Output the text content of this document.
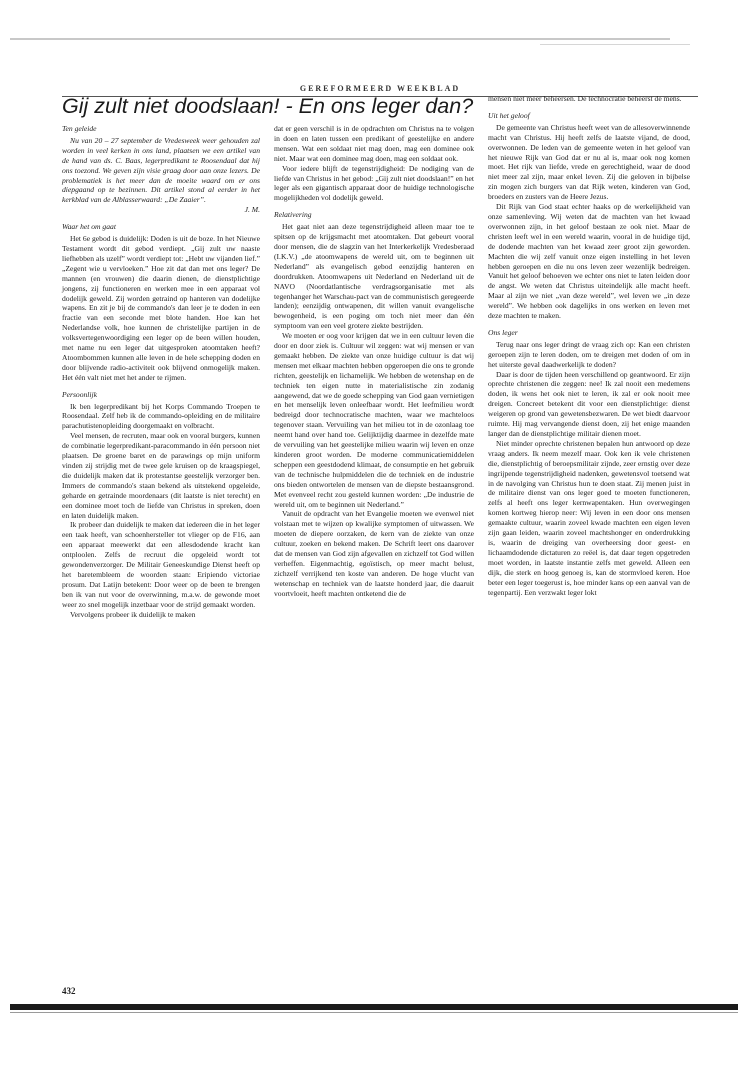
GEREFORMEERD WEEKBLAD
Gij zult niet doodslaan! - En ons leger dan?
Ten geleide

Nu van 20 – 27 september de Vredesweek weer gehouden zal worden in veel kerken in ons land, plaatsen we een artikel van de hand van ds. C. Baas, legerpredikant te Roosendaal dat hij ons toezond. We geven zijn visie graag door aan onze lezers. De problematiek is het meer dan de moeite waard om er ons diepgaand op te bezinnen. Dit artikel stond al eerder in het kerkblad van de Alblasserwaard: „De Zaaier”.

J. M.
Waar het om gaat

Het 6e gebod is duidelijk: Doden is uit de boze. In het Nieuwe Testament wordt dit gebod verdiept. „Gij zult uw naaste liefhebben als uzelf” wordt verdiept tot: „Hebt uw vijanden lief.” „Zegent wie u vervloeken.” Hoe zit dat dan met ons leger? De mannen (en vrouwen) die daarin dienen, de dienstplichtige jongens, zij functioneren en werken mee in een apparaat vol dodelijk geweld. Zij worden getraind op hanteren van dodelijke wapens. En zit je bij de commando's dan leer je te doden in een fractie van een seconde met blote handen. Hoe kan het Nederlandse volk, hoe kunnen de christelijke partijen in de volksvertegenwoordiging een leger op de been willen houden, met name nu een leger dat uitgesproken atoomtaken heeft? Atoombommen kunnen alle leven in de hele schepping doden en door blijvende radio-activiteit ook blijvend onmogelijk maken. Het één valt niet met het ander te rijmen.

Persoonlijk

Ik ben legerpredikant bij het Korps Commando Troepen te Roosendaal. Zelf heb ik de commando-opleiding en de militaire parachutistenopleiding doorgemaakt en volbracht.

Veel mensen, de recruten, maar ook en vooral burgers, kunnen de combinatie legerpredikant-paracommando in één persoon niet plaatsen. De groene baret en de parawings op mijn uniform vinden zij strijdig met de twee gele kruisen op de kraagspiegel, die duidelijk maken dat ik protestantse geestelijk verzorger ben. Immers de commando's staan bekend als uitstekend opgeleide, geharde en getrainde moordenaars (dit laatste is niet terecht) en een dominee moet toch de liefde van Christus in spreken, doen en laten duidelijk maken.

Ik probeer dan duidelijk te maken dat iedereen die in het leger een taak heeft, van schoenhersteller tot vlieger op de F16, aan een apparaat meewerkt dat een allesdodende kracht kan ontploolen. Zelfs de recruut die opgeleid wordt tot gewondenverzorger. De Militair Geneeskundige Dienst heeft op het baretembleem de woorden staan: Eripiendo victoriae prosum. Dat Latijn betekent: Door weer op de been te brengen ben ik van nut voor de overwinning, m.a.w. de gewonde moet weer zo snel mogelijk inzetbaar voor de strijd gemaakt worden.

Vervolgens probeer ik duidelijk te maken

dat er geen verschil is in de opdrachten om Christus na te volgen in doen en laten tussen een predikant of geestelijke en andere mensen. Wat een soldaat niet mag doen, mag een dominee ook niet. Maar wat een dominee mag doen, mag een soldaat ook.

Voor iedere blijft de tegenstrijdigheid: De nodiging van de liefde van Christus in het gebod: „Gij zult niet doodslaan!” en het leger als een gigantisch apparaat door de huidige technologische mogelijkheden vol dodelijk geweld.

Relativering

Het gaat niet aan deze tegenstrijdigheid alleen maar toe te spitsen op de krijgsmacht met atoomtaken. Dat gebeurt vooral door mensen, die de slagzin van het Interkerkelijk Vredesberaad (I.K.V.) „de atoomwapens de wereld uit, om te beginnen uit Nederland” als evangelisch gebod eenzijdig hanteren en doordrukken. Atoomwapens uit Nederland en Nederland uit de NAVO (Noordatlantische verdragsorganisatie met als tegenhanger het Warschau-pact van de communistisch geregeerde landen); eenzijdig ontwapenen, dit willen vanuit evangelische bewogenheid, is een poging om toch niet meer dan één symptoom van een veel grotere ziekte bestrijden.

We moeten er oog voor krijgen dat we in een cultuur leven die door en door ziek is. Cultuur wil zeggen: wat wij mensen er van gemaakt hebben. De ziekte van onze huidige cultuur is dat wij mensen met elkaar machten hebben opgeroepen die ons te gronde richten, geestelijk en lichamelijk. We hebben de wetenshap en de techniek ten eigen nutte in materialistische zin zodanig aangewend, dat we de goede schepping van God gaan vernietigen en het menselijk leven onleefbaar wordt. Het leefmilieu wordt bedreigd door technocratische machten, waar we machteloos tegenover staan. Vervuiling van het milieu tot in de ozonlaag toe neemt hand over hand toe. Gelijktijdig daarmee in dezelfde mate de vervuiling van het geestelijke milieu waarin wij leven en onze kinderen groot worden. De moderne communicatiemiddelen scheppen een geestdodend klimaat, de consumptie en het gebruik van de technische hulpmiddelen die de techniek en de industrie ons bieden ontwortelen de mensen van de diepste bestaansgrond. Met evenveel recht zou gesteld kunnen worden: „De industrie de wereld uit, om te beginnen uit Nederland.”

Vanuit de opdracht van het Evangelie moeten we evenwel niet volstaan met te wijzen op kwalijke symptomen of uitwassen. We moeten de diepere oorzaken, de kern van de ziekte van onze cultuur, zoeken en bekend maken. De Schrift leert ons daarover dat de mensen van God zijn afgevallen en zichzelf tot God willen verheffen. Eigenmachtig, egoïstisch, op meer macht belust, zichzelf verrijkend ten koste van anderen. De hoge vlucht van wetenschap en techniek van de laatste honderd jaar, die daaruit voortvloeit, heeft machten ontketend die de

mensen niet meer beheersen. De technocratie beheerst de mens.

Uit het geloof

De gemeente van Christus heeft weet van de allesoverwinnende macht van Christus. Hij heeft zelfs de laatste vijand, de dood, overwonnen. De leden van de gemeente weten in het geloof van het nieuwe Rijk van God dat er nu al is, maar ook nog komen moet. Het rijk van liefde, vrede en gerechtigheid, waar de dood niet meer zal zijn, maar enkel leven. Zij die geloven in bijbelse zin mogen zich burgers van dat Rijk weten, kinderen van God, broeders en zusters van de Heere Jezus.

Dit Rijk van God staat echter haaks op de werkelijkheid van onze samenleving. Wij weten dat de machten van het kwaad overwonnen zijn, in het geloof bestaan ze ook niet. Maar de christen leeft wel in een wereld waarin, vooral in de huidige tijd, de dodende machten van het kwaad zeer groot zijn geworden. Machten die wij zelf vanuit onze eigen instelling in het leven hebben geroepen en die nu ons leven zeer wezenlijk bedreigen. Vanuit het geloof behoeven we echter ons niet te laten leiden door de angst. We weten dat Christus uiteindelijk alle macht heeft. Maar al zijn we niet „van deze wereld”, wel leven we „in deze wereld”. We hebben ook dagelijks in ons werken en leven met deze machten te maken.

Ons leger

Terug naar ons leger dringt de vraag zich op: Kan een christen geroepen zijn te leren doden, om te dreigen met doden of om in het uiterste geval daadwerkelijk te doden?

Daar is door de tijden heen verschillend op geantwoord. Er zijn oprechte christenen die zeggen: nee! Ik zal nooit een medemens doden, ik wens het ook niet te leren, ik zal er ook nooit mee dreigen. Concreet betekent dit voor een dienstplichtige: dienst weigeren op grond van gewetensbezwaren. De wet biedt daarvoor ruimte. Hij mag vervangende dienst doen, zij het enige maanden langer dan de dienstplichtige militair dienen moet.

Niet minder oprechte christenen bepalen hun antwoord op deze vraag anders. Ik neem mezelf maar. Ook ken ik vele christenen die, dienstplichtig of beroepsmilitair zijnde, zeer ernstig over deze ingrijpende tegenstrijdigheid nadenken, gewetensvol toetsend wat in de navolging van Christus hun te doen staat. Zij menen juist in de militaire dienst van ons leger goed te moeten functioneren, zelfs al heeft ons leger kernwapentaken. Hun overwegingen komen kortweg hierop neer: Wij leven in een door ons mensen gemaakte cultuur, waarin zoveel kwade machten een eigen leven zijn gaan leiden, waarin zoveel machtshonger en onderdrukking is, waarin de dreiging van overheersing door geest- en lichaamdodende dictaturen zo reëel is, dat daar tegen opgetreden moet worden, in laatste instantie zelfs met geweld. Alleen een dijk, die sterk en hoog genoeg is, kan de stormvloed keren. Hoe beter een leger toegerust is, hoe minder kans op een aanval van de tegenpartij. Een verzwakt leger lokt

432
